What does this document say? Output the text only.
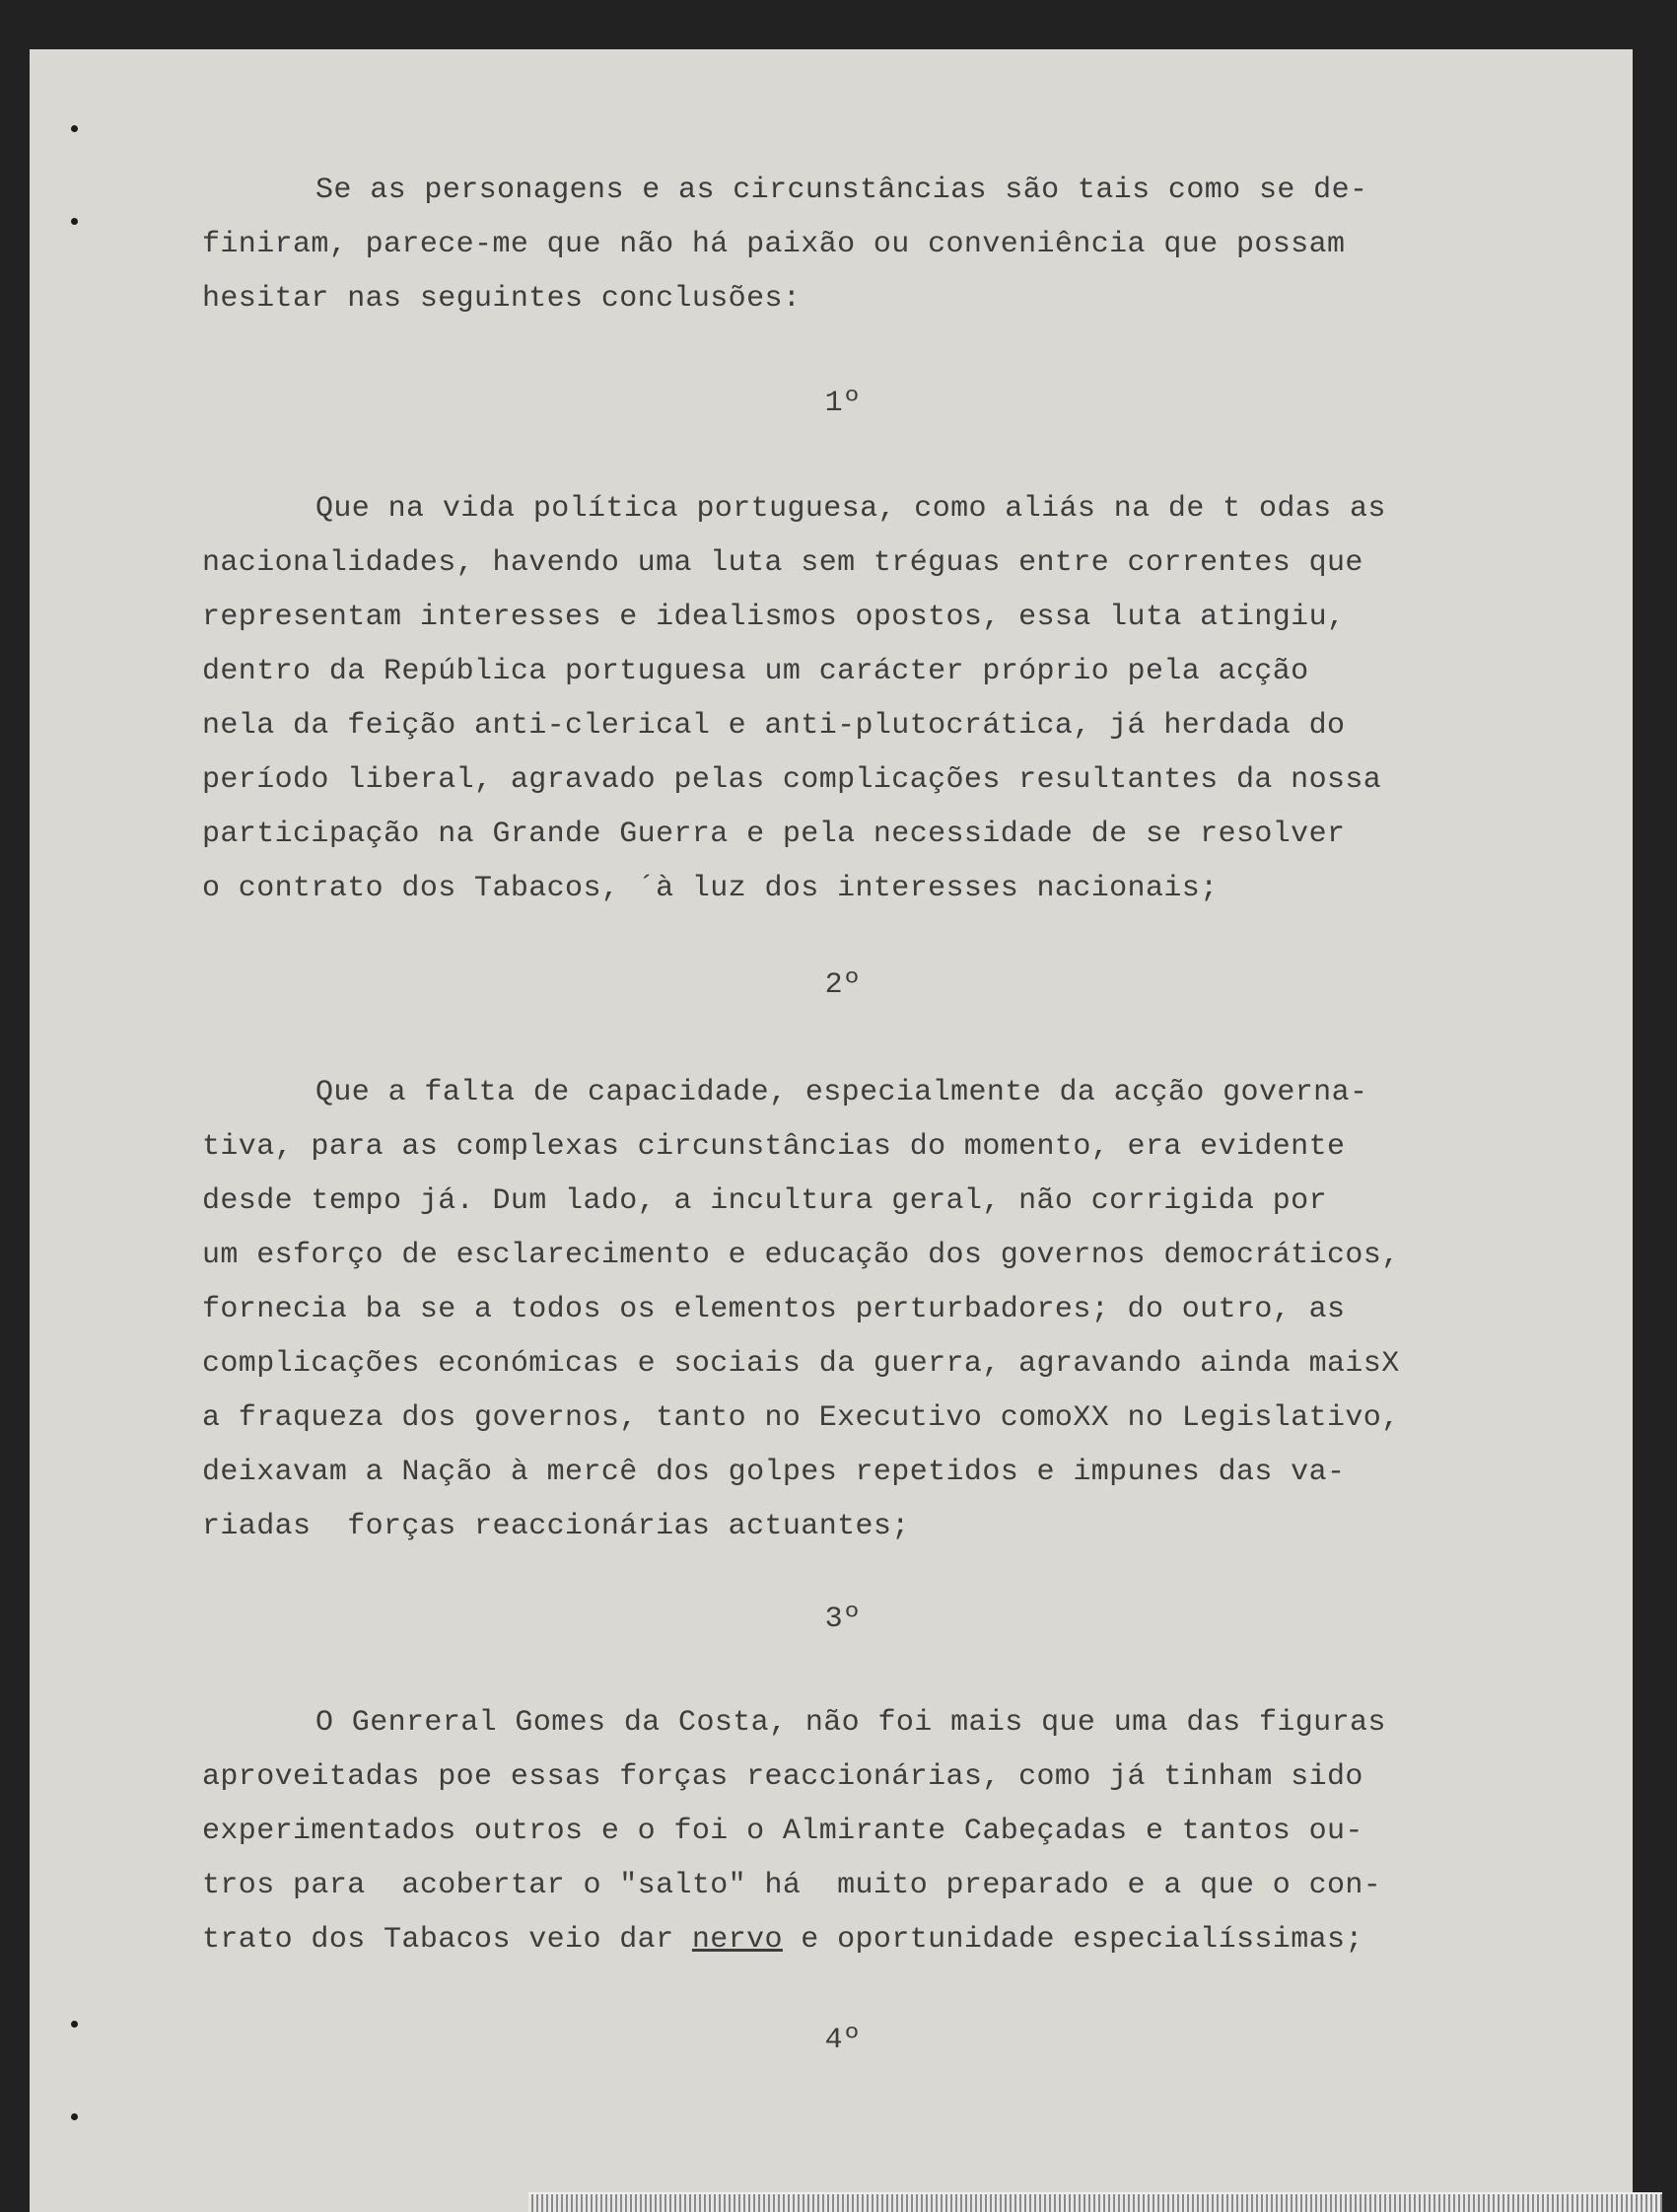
Se as personagens e as circunstâncias são tais como se de-

finiram, parece-me que não há paixão ou conveniência que possam

hesitar nas seguintes conclusões:

1º

Que na vida política portuguesa, como aliás na de t odas as

nacionalidades, havendo uma luta sem tréguas entre correntes que

representam interesses e idealismos opostos, essa luta atingiu,

dentro da República portuguesa um carácter próprio pela acção

nela da feição anti-clerical e anti-plutocrática, já herdada do

período liberal, agravado pelas complicações resultantes da nossa

participação na Grande Guerra e pela necessidade de se resolver

o contrato dos Tabacos, ´à luz dos interesses nacionais;

2º

Que a falta de capacidade, especialmente da acção governa-

tiva, para as complexas circunstâncias do momento, era evidente

desde tempo já. Dum lado, a incultura geral, não corrigida por

um esforço de esclarecimento e educação dos governos democráticos,

fornecia ba se a todos os elementos perturbadores; do outro, as

complicações económicas e sociais da guerra, agravando ainda maisX

a fraqueza dos governos, tanto no Executivo comoXX no Legislativo,

deixavam a Nação à mercê dos golpes repetidos e impunes das va-

riadas  forças reaccionárias actuantes;

3º

O Genreral Gomes da Costa, não foi mais que uma das figuras

aproveitadas poe essas forças reaccionárias, como já tinham sido

experimentados outros e o foi o Almirante Cabeçadas e tantos ou-

tros para  acobertar o "salto" há  muito preparado e a que o con-

trato dos Tabacos veio dar nervo e oportunidade especialíssimas;

4º
